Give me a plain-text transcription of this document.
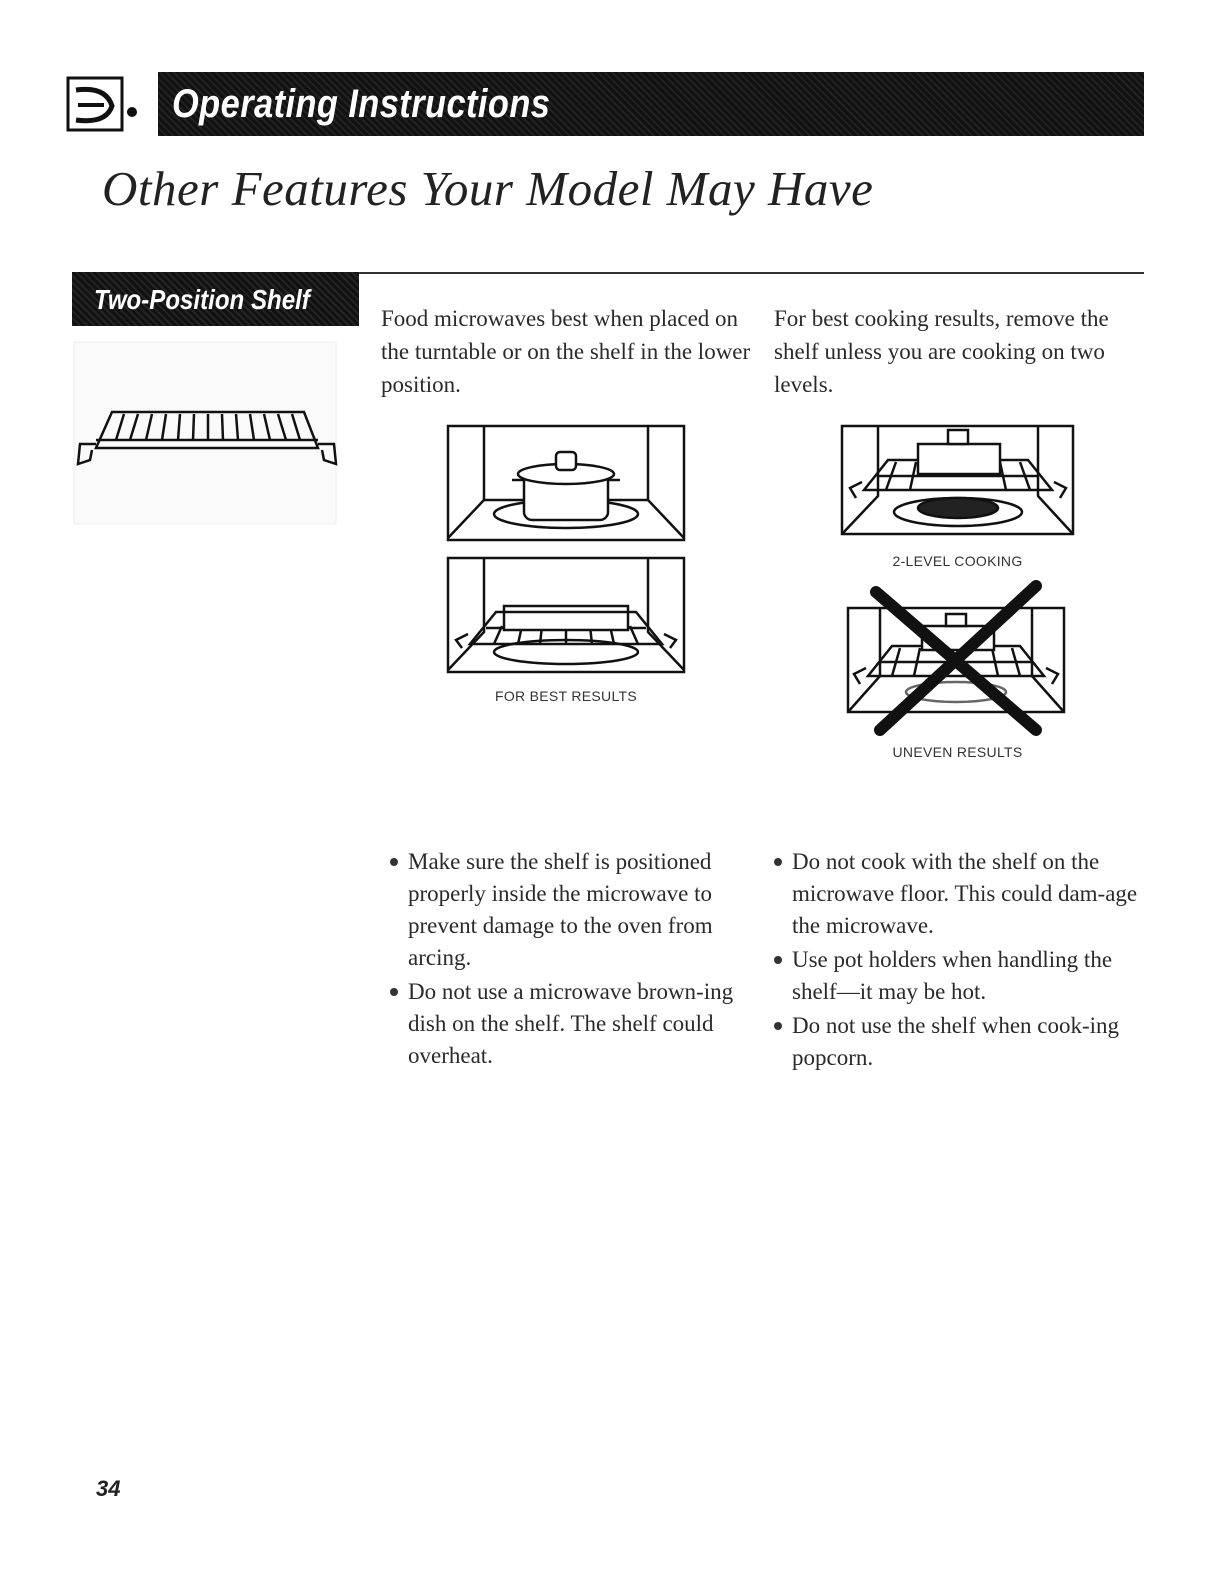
Operating Instructions
Other Features Your Model May Have
Two-Position Shelf
Food microwaves best when placed on the turntable or on the shelf in the lower position.
For best cooking results, remove the shelf unless you are cooking on two levels.
FOR BEST RESULTS
2-LEVEL COOKING
UNEVEN RESULTS
Make sure the shelf is positioned properly inside the microwave to prevent damage to the oven from arcing.
Do not use a microwave brown-ing dish on the shelf. The shelf could overheat.
Do not cook with the shelf on the microwave floor. This could dam-age the microwave.
Use pot holders when handling the shelf—it may be hot.
Do not use the shelf when cook-ing popcorn.
34
